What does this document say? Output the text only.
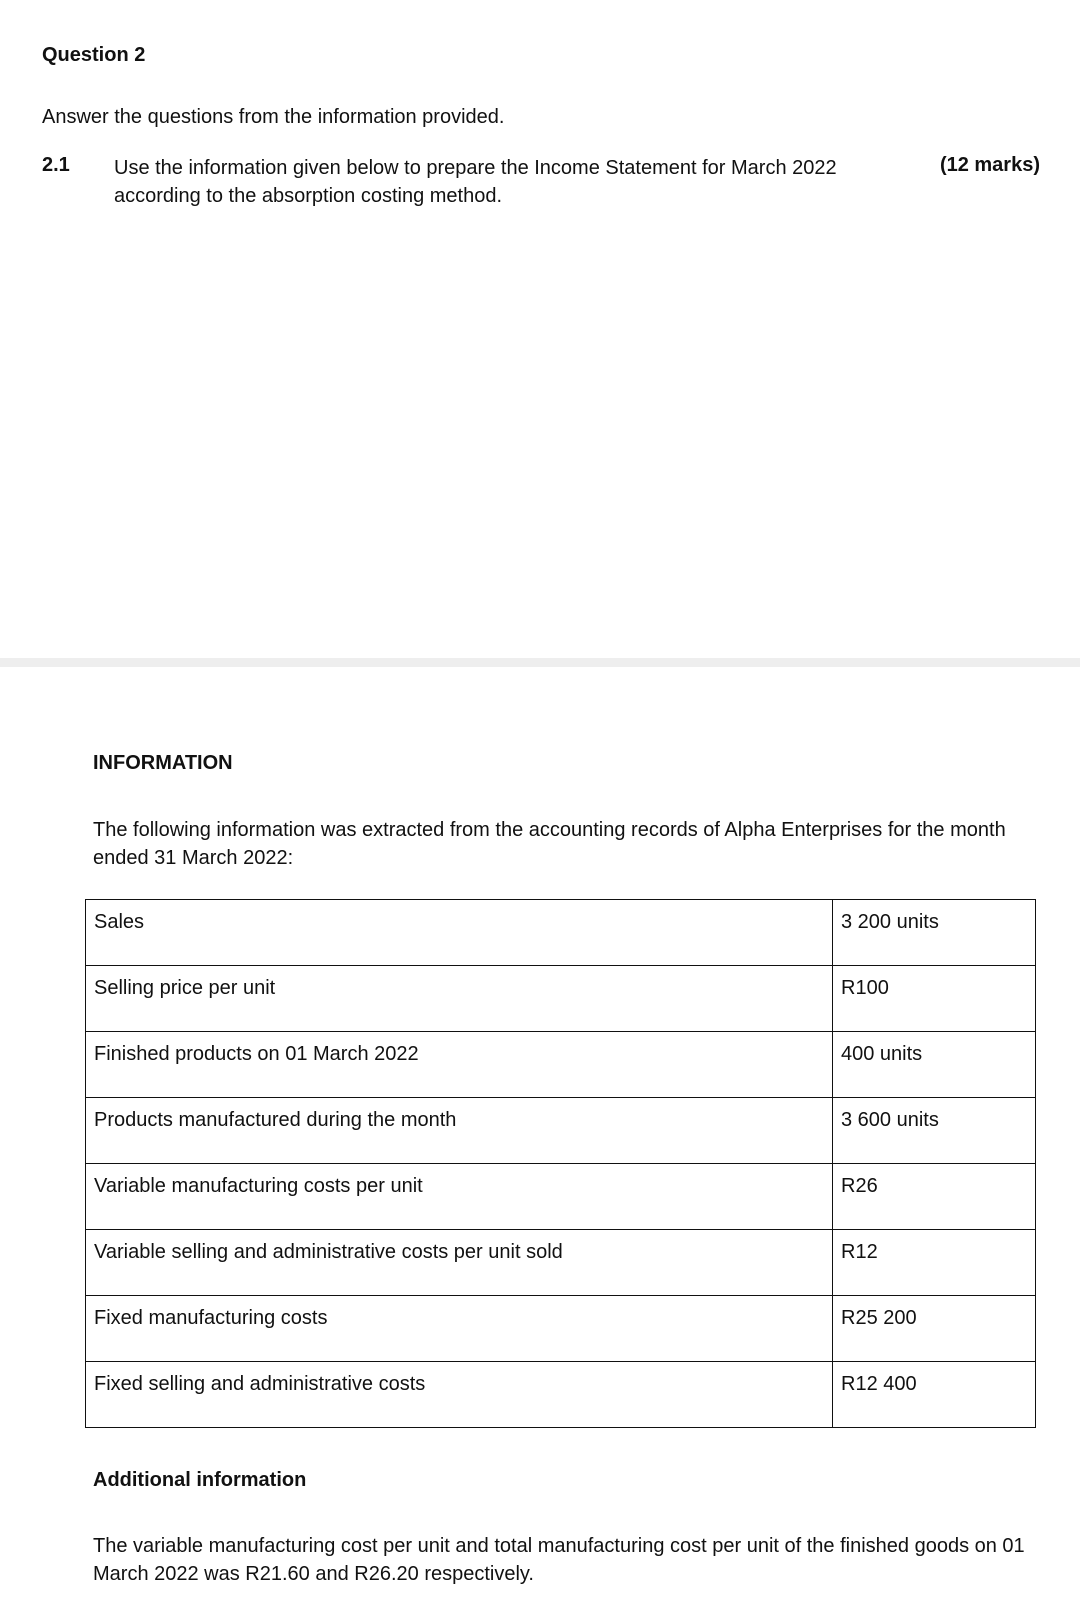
Question 2
Answer the questions from the information provided.
2.1 Use the information given below to prepare the Income Statement for March 2022 according to the absorption costing method.
(12 marks)
INFORMATION
The following information was extracted from the accounting records of Alpha Enterprises for the month ended 31 March 2022:
Sales	3 200 units
Selling price per unit	R100
Finished products on 01 March 2022	400 units
Products manufactured during the month	3 600 units
Variable manufacturing costs per unit	R26
Variable selling and administrative costs per unit sold	R12
Fixed manufacturing costs	R25 200
Fixed selling and administrative costs	R12 400
Additional information
The variable manufacturing cost per unit and total manufacturing cost per unit of the finished goods on 01 March 2022 was R21.60 and R26.20 respectively.
